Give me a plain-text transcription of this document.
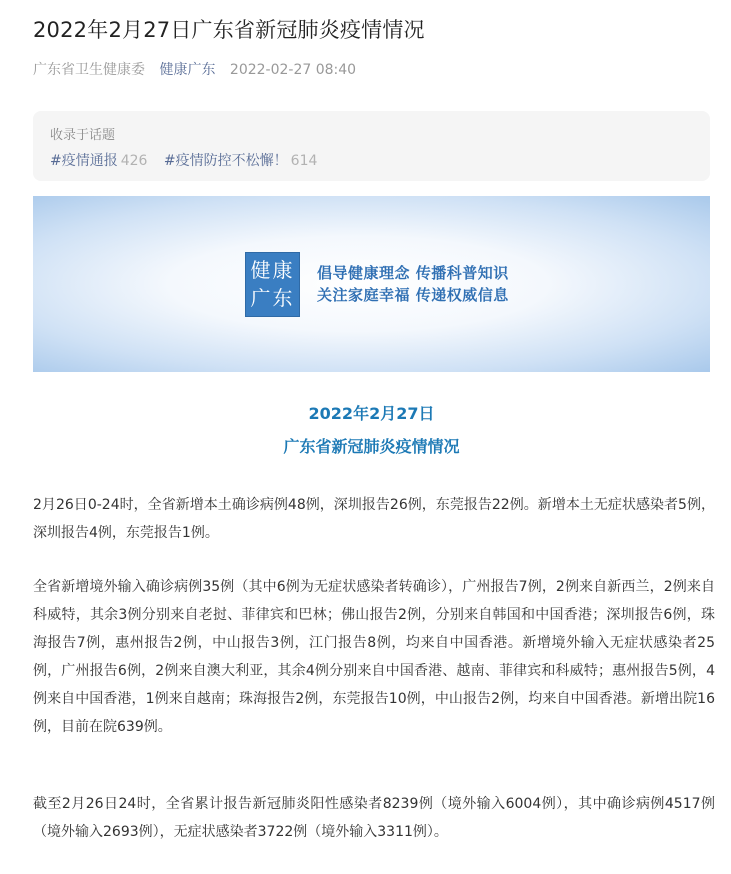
2022年2月27日广东省新冠肺炎疫情情况
广东省卫生健康委 健康广东 2022-02-27 08:40
收录于话题
#疫情通报 426 #疫情防控不松懈！ 614
健康
广东
倡导健康理念 传播科普知识
关注家庭幸福 传递权威信息
2022年2月27日
广东省新冠肺炎疫情情况

2月26日0-24时，全省新增本土确诊病例48例，深圳报告26例，东莞报告22例。新增本土无症状感染者5例，深圳报告4例，东莞报告1例。

全省新增境外输入确诊病例35例（其中6例为无症状感染者转确诊），广州报告7例，2例来自新西兰，2例来自科威特，其余3例分别来自老挝、菲律宾和巴林；佛山报告2例，分别来自韩国和中国香港；深圳报告6例，珠海报告7例，惠州报告2例，中山报告3例，江门报告8例，均来自中国香港。新增境外输入无症状感染者25例，广州报告6例，2例来自澳大利亚，其余4例分别来自中国香港、越南、菲律宾和科威特；惠州报告5例，4例来自中国香港，1例来自越南；珠海报告2例，东莞报告10例，中山报告2例，均来自中国香港。新增出院16例，目前在院639例。

截至2月26日24时，全省累计报告新冠肺炎阳性感染者8239例（境外输入6004例），其中确诊病例4517例（境外输入2693例），无症状感染者3722例（境外输入3311例）。
